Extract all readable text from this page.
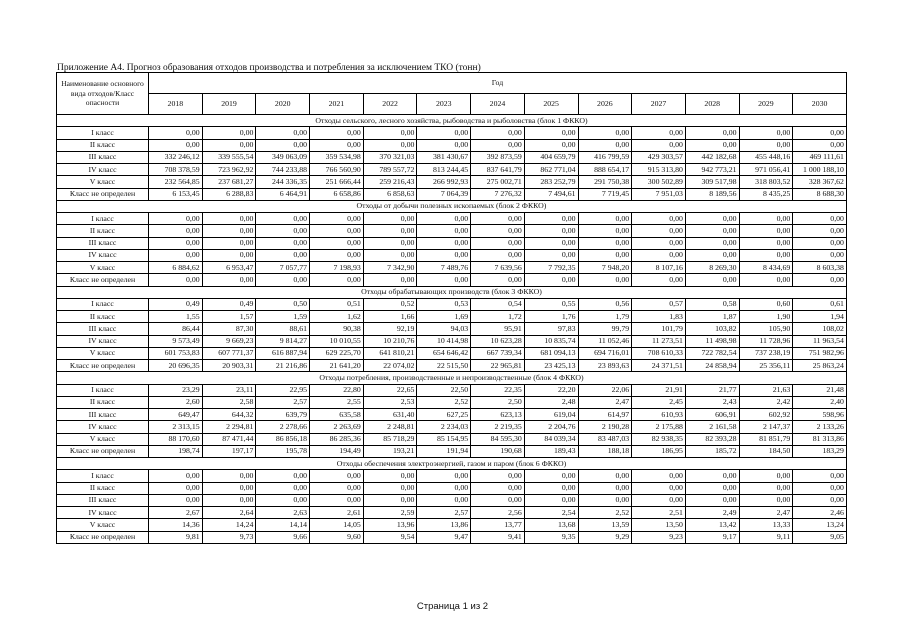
Приложение А4. Прогноз образования отходов производства и потребления за исключением ТКО (тонн)
Наименование основного вида отходов/Класс опасности	Год												
	2018	2019	2020	2021	2022	2023	2024	2025	2026	2027	2028	2029	2030
Отходы сельского, лесного хозяйства, рыбоводства и рыболовства (блок 1 ФККО)													
I класс	0,00	0,00	0,00	0,00	0,00	0,00	0,00	0,00	0,00	0,00	0,00	0,00	0,00
II класс	0,00	0,00	0,00	0,00	0,00	0,00	0,00	0,00	0,00	0,00	0,00	0,00	0,00
III класс	332 246,12	339 555,54	349 063,09	359 534,98	370 321,03	381 430,67	392 873,59	404 659,79	416 799,59	429 303,57	442 182,68	455 448,16	469 111,61
IV класс	708 378,59	723 962,92	744 233,88	766 560,90	789 557,72	813 244,45	837 641,79	862 771,04	888 654,17	915 313,80	942 773,21	971 056,41	1 000 188,10
V класс	232 564,85	237 681,27	244 336,35	251 666,44	259 216,43	266 992,93	275 002,71	283 252,79	291 750,38	300 502,89	309 517,98	318 803,52	328 367,62
Класс не определен	6 153,45	6 288,83	6 464,91	6 658,86	6 858,63	7 064,39	7 276,32	7 494,61	7 719,45	7 951,03	8 189,56	8 435,25	8 688,30
Отходы от добычи полезных ископаемых (блок 2 ФККО)													
I класс	0,00	0,00	0,00	0,00	0,00	0,00	0,00	0,00	0,00	0,00	0,00	0,00	0,00
II класс	0,00	0,00	0,00	0,00	0,00	0,00	0,00	0,00	0,00	0,00	0,00	0,00	0,00
III класс	0,00	0,00	0,00	0,00	0,00	0,00	0,00	0,00	0,00	0,00	0,00	0,00	0,00
IV класс	0,00	0,00	0,00	0,00	0,00	0,00	0,00	0,00	0,00	0,00	0,00	0,00	0,00
V класс	6 884,62	6 953,47	7 057,77	7 198,93	7 342,90	7 489,76	7 639,56	7 792,35	7 948,20	8 107,16	8 269,30	8 434,69	8 603,38
Класс не определен	0,00	0,00	0,00	0,00	0,00	0,00	0,00	0,00	0,00	0,00	0,00	0,00	0,00
Отходы обрабатывающих производств (блок 3 ФККО)													
I класс	0,49	0,49	0,50	0,51	0,52	0,53	0,54	0,55	0,56	0,57	0,58	0,60	0,61
II класс	1,55	1,57	1,59	1,62	1,66	1,69	1,72	1,76	1,79	1,83	1,87	1,90	1,94
III класс	86,44	87,30	88,61	90,38	92,19	94,03	95,91	97,83	99,79	101,79	103,82	105,90	108,02
IV класс	9 573,49	9 669,23	9 814,27	10 010,55	10 210,76	10 414,98	10 623,28	10 835,74	11 052,46	11 273,51	11 498,98	11 728,96	11 963,54
V класс	601 753,83	607 771,37	616 887,94	629 225,70	641 810,21	654 646,42	667 739,34	681 094,13	694 716,01	708 610,33	722 782,54	737 238,19	751 982,96
Класс не определен	20 696,35	20 903,31	21 216,86	21 641,20	22 074,02	22 515,50	22 965,81	23 425,13	23 893,63	24 371,51	24 858,94	25 356,11	25 863,24
Отходы потребления, производственные и непроизводственные (блок 4 ФККО)													
I класс	23,29	23,11	22,95	22,80	22,65	22,50	22,35	22,20	22,06	21,91	21,77	21,63	21,48
II класс	2,60	2,58	2,57	2,55	2,53	2,52	2,50	2,48	2,47	2,45	2,43	2,42	2,40
III класс	649,47	644,32	639,79	635,58	631,40	627,25	623,13	619,04	614,97	610,93	606,91	602,92	598,96
IV класс	2 313,15	2 294,81	2 278,66	2 263,69	2 248,81	2 234,03	2 219,35	2 204,76	2 190,28	2 175,88	2 161,58	2 147,37	2 133,26
V класс	88 170,60	87 471,44	86 856,18	86 285,36	85 718,29	85 154,95	84 595,30	84 039,34	83 487,03	82 938,35	82 393,28	81 851,79	81 313,86
Класс не определен	198,74	197,17	195,78	194,49	193,21	191,94	190,68	189,43	188,18	186,95	185,72	184,50	183,29
Отходы обеспечения электроэнергией, газом и паром (блок 6 ФККО)													
I класс	0,00	0,00	0,00	0,00	0,00	0,00	0,00	0,00	0,00	0,00	0,00	0,00	0,00
II класс	0,00	0,00	0,00	0,00	0,00	0,00	0,00	0,00	0,00	0,00	0,00	0,00	0,00
III класс	0,00	0,00	0,00	0,00	0,00	0,00	0,00	0,00	0,00	0,00	0,00	0,00	0,00
IV класс	2,67	2,64	2,63	2,61	2,59	2,57	2,56	2,54	2,52	2,51	2,49	2,47	2,46
V класс	14,36	14,24	14,14	14,05	13,96	13,86	13,77	13,68	13,59	13,50	13,42	13,33	13,24
Класс не определен	9,81	9,73	9,66	9,60	9,54	9,47	9,41	9,35	9,29	9,23	9,17	9,11	9,05
Страница 1 из 2
